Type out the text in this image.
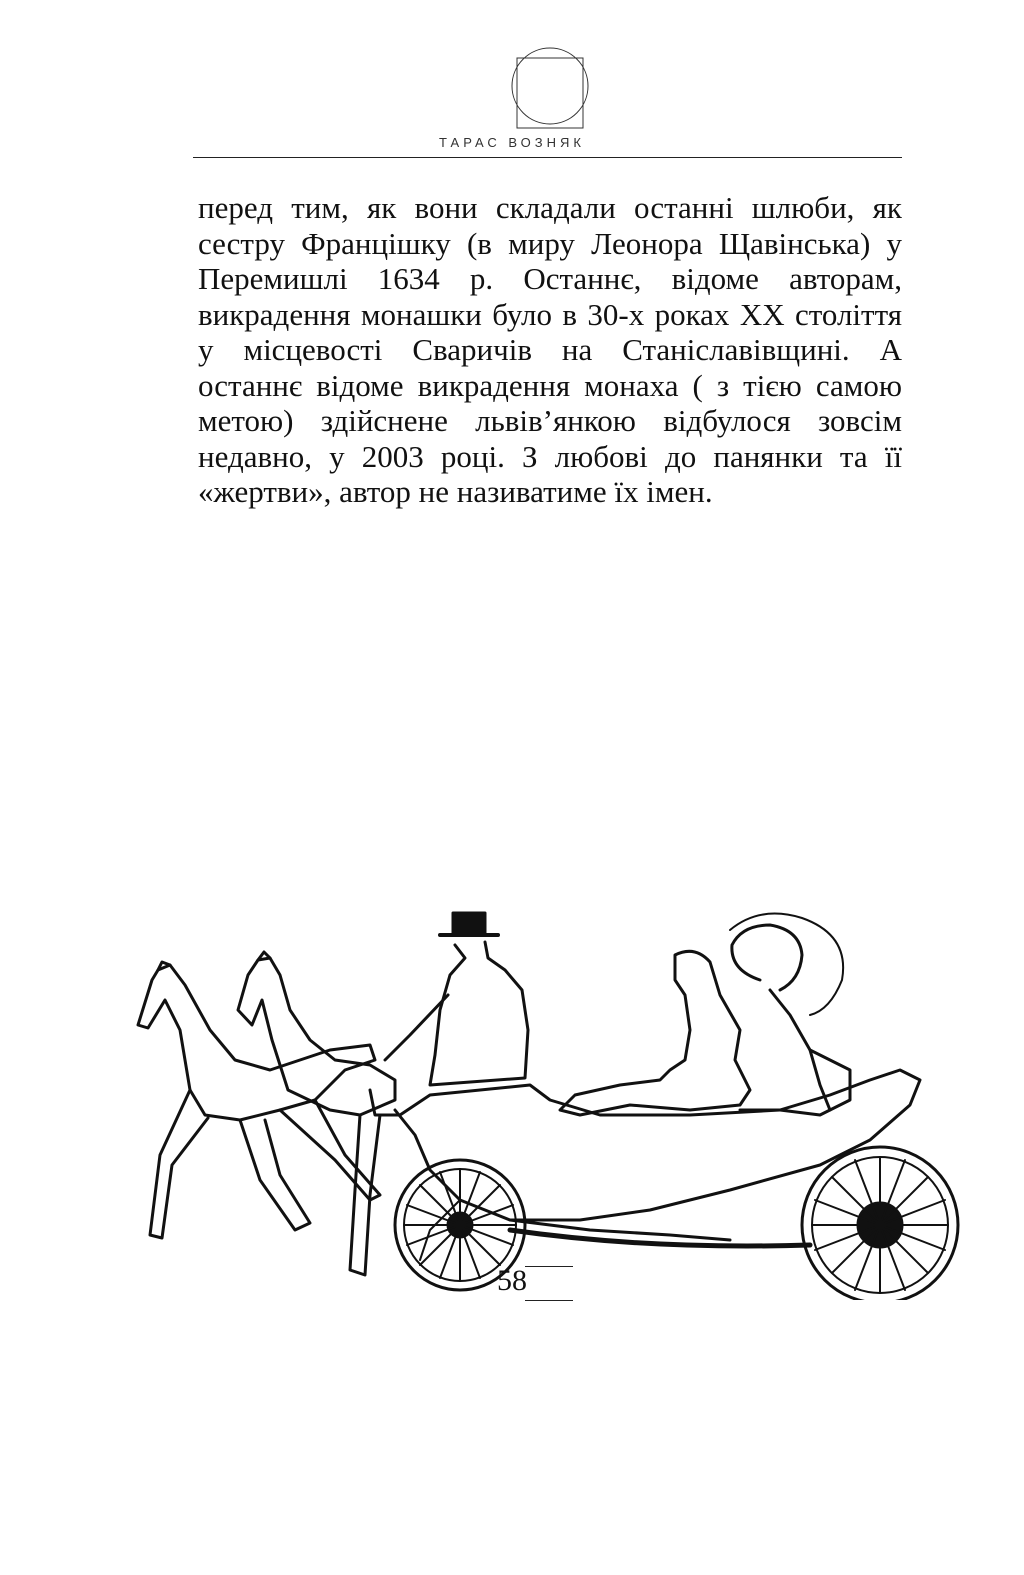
ТАРАС ВОЗНЯК

перед тим, як вони складали останні шлюби, як сестру Францішку (в миру Леонора Щавінська) у Перемишлі 1634 р. Останнє, відоме авторам, викрадення монашки було в 30-х роках XX століття у місцевості Сваричів на Станіславівщині. А останнє відоме викрадення монаха ( з тією самою метою) здійснене львів’янкою відбулося зовсім недавно, у 2003 році. З любові до панянки та її «жертви», автор не називатиме їх імен.

58
